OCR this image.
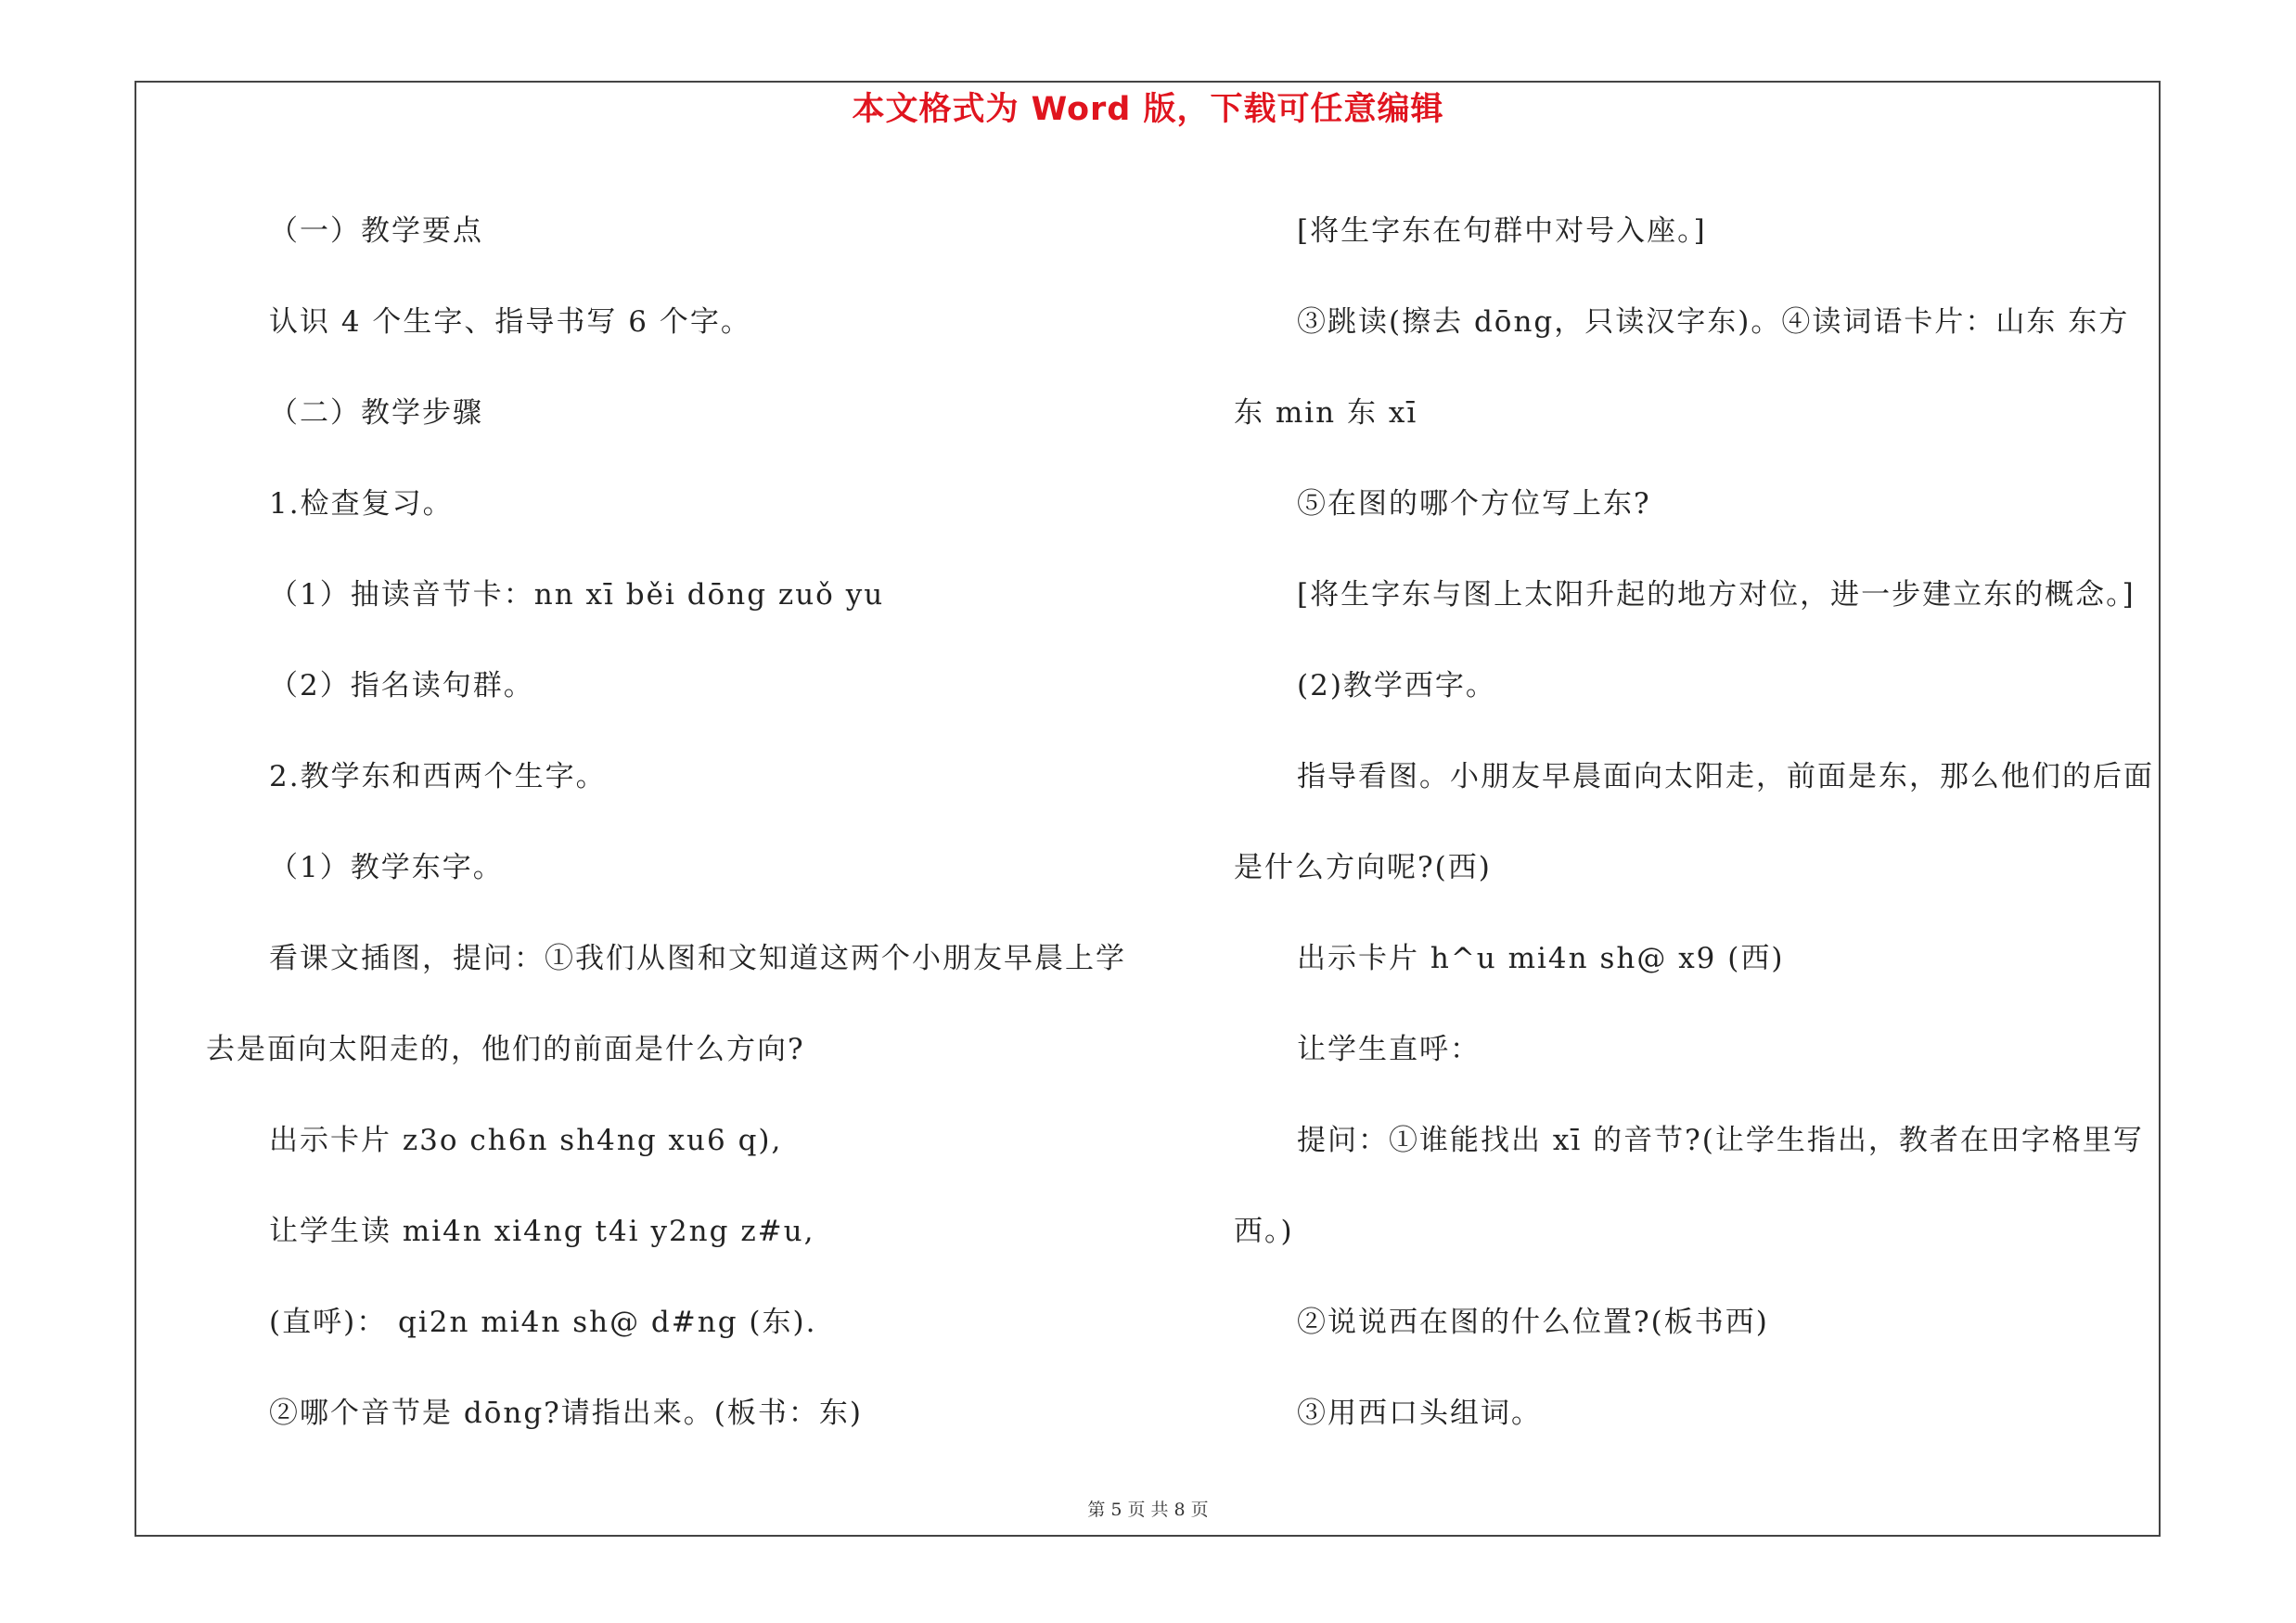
本文格式为 Word 版，下载可任意编辑
（一）教学要点
认识 4 个生字、指导书写 6 个字。
（二）教学步骤
1.检查复习。
（1）抽读音节卡：nn xī běi dōng zuǒ yu
（2）指名读句群。
2.教学东和西两个生字。
（1）教学东字。
看课文插图，提问：①我们从图和文知道这两个小朋友早晨上学
去是面向太阳走的，他们的前面是什么方向?
出示卡片 z3o ch6n sh4ng xu6 q),
让学生读 mi4n xi4ng t4i y2ng z#u,
(直呼)： qi2n mi4n sh@ d#ng (东).
②哪个音节是 dōng?请指出来。(板书：东)
[将生字东在句群中对号入座。]
③跳读(擦去 dōng，只读汉字东)。④读词语卡片：山东 东方
东 min 东 xī
⑤在图的哪个方位写上东?
[将生字东与图上太阳升起的地方对位，进一步建立东的概念。]
(2)教学西字。
指导看图。小朋友早晨面向太阳走，前面是东，那么他们的后面
是什么方向呢?(西)
出示卡片 h^u mi4n sh@ x9 (西)
让学生直呼：
提问：①谁能找出 xī 的音节?(让学生指出，教者在田字格里写
西。)
②说说西在图的什么位置?(板书西)
③用西口头组词。
第 5 页 共 8 页
